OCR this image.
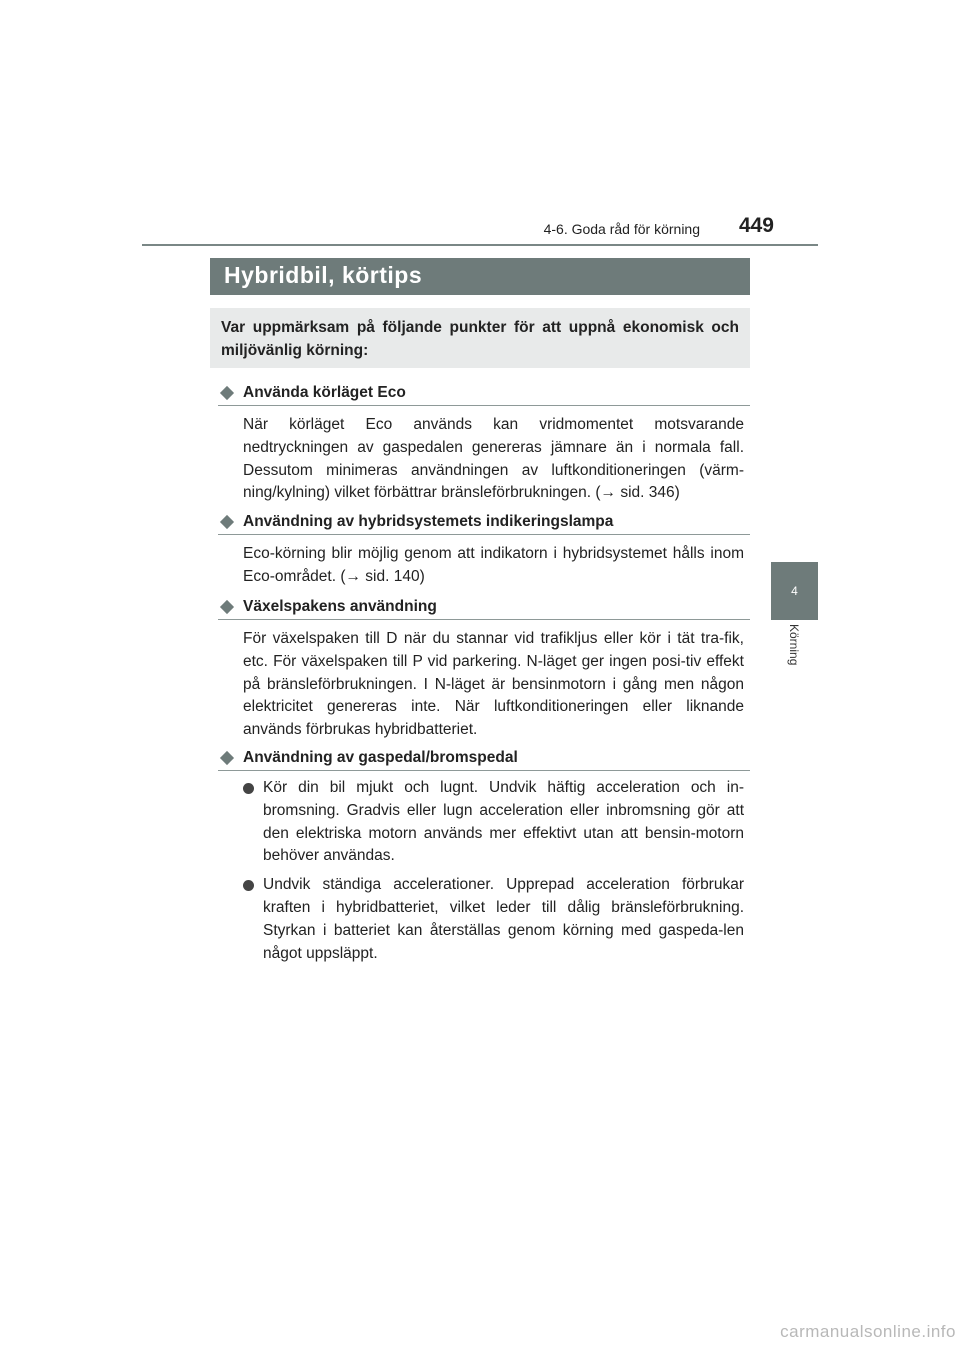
4-6. Goda råd för körning	449
4
Körning
Hybridbil, körtips
Var uppmärksam på följande punkter för att uppnå ekonomisk och miljövänlig körning:
Använda körläget Eco
När körläget Eco används kan vridmomentet motsvarande nedtryckningen av gaspedalen genereras jämnare än i normala fall. Dessutom minimeras användningen av luftkonditioneringen (värm-ning/kylning) vilket förbättrar bränsleförbrukningen. (→ sid. 346)
Användning av hybridsystemets indikeringslampa
Eco-körning blir möjlig genom att indikatorn i hybridsystemet hålls inom Eco-området. (→ sid. 140)
Växelspakens användning
För växelspaken till D när du stannar vid trafikljus eller kör i tät tra-fik, etc. För växelspaken till P vid parkering. N-läget ger ingen posi-tiv effekt på bränsleförbrukningen. I N-läget är bensinmotorn i gång men någon elektricitet genereras inte. När luftkonditioneringen eller liknande används förbrukas hybridbatteriet.
Användning av gaspedal/bromspedal
Kör din bil mjukt och lugnt. Undvik häftig acceleration och in-bromsning. Gradvis eller lugn acceleration eller inbromsning gör att den elektriska motorn används mer effektivt utan att bensin-motorn behöver användas.
Undvik ständiga accelerationer. Upprepad acceleration förbrukar kraften i hybridbatteriet, vilket leder till dålig bränsleförbrukning. Styrkan i batteriet kan återställas genom körning med gaspeda-len något uppsläppt.
carmanualsonline.info
